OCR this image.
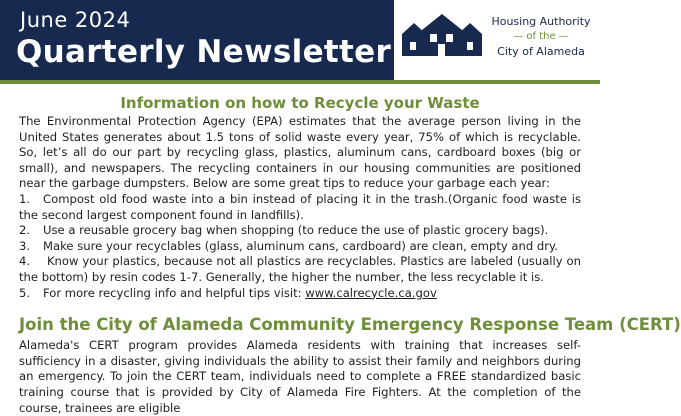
June 2024
Quarterly Newsletter
Housing Authority
— of the —
City of Alameda
Information on how to Recycle your Waste

The Environmental Protection Agency (EPA) estimates that the average person living in the United States generates about 1.5 tons of solid waste every year, 75% of which is recyclable. So, let’s all do our part by recycling glass, plastics, aluminum cans, cardboard boxes (big or small), and newspapers. The recycling containers in our housing communities are positioned near the garbage dumpsters. Below are some great tips to reduce your garbage each year:

1. Compost old food waste into a bin instead of placing it in the trash.(Organic food waste is the second largest component found in landfills).
2. Use a reusable grocery bag when shopping (to reduce the use of plastic grocery bags).
3. Make sure your recyclables (glass, aluminum cans, cardboard) are clean, empty and dry.
4. Know your plastics, because not all plastics are recyclables. Plastics are labeled (usually on the bottom) by resin codes 1-7. Generally, the higher the number, the less recyclable it is.
5. For more recycling info and helpful tips visit: www.calrecycle.ca.gov
Join the City of Alameda Community Emergency Response Team (CERT)

Alameda's CERT program provides Alameda residents with training that increases self-sufficiency in a disaster, giving individuals the ability to assist their family and neighbors during an emergency. To join the CERT team, individuals need to complete a FREE standardized basic training course that is provided by City of Alameda Fire Fighters. At the completion of the course, trainees are eligible
